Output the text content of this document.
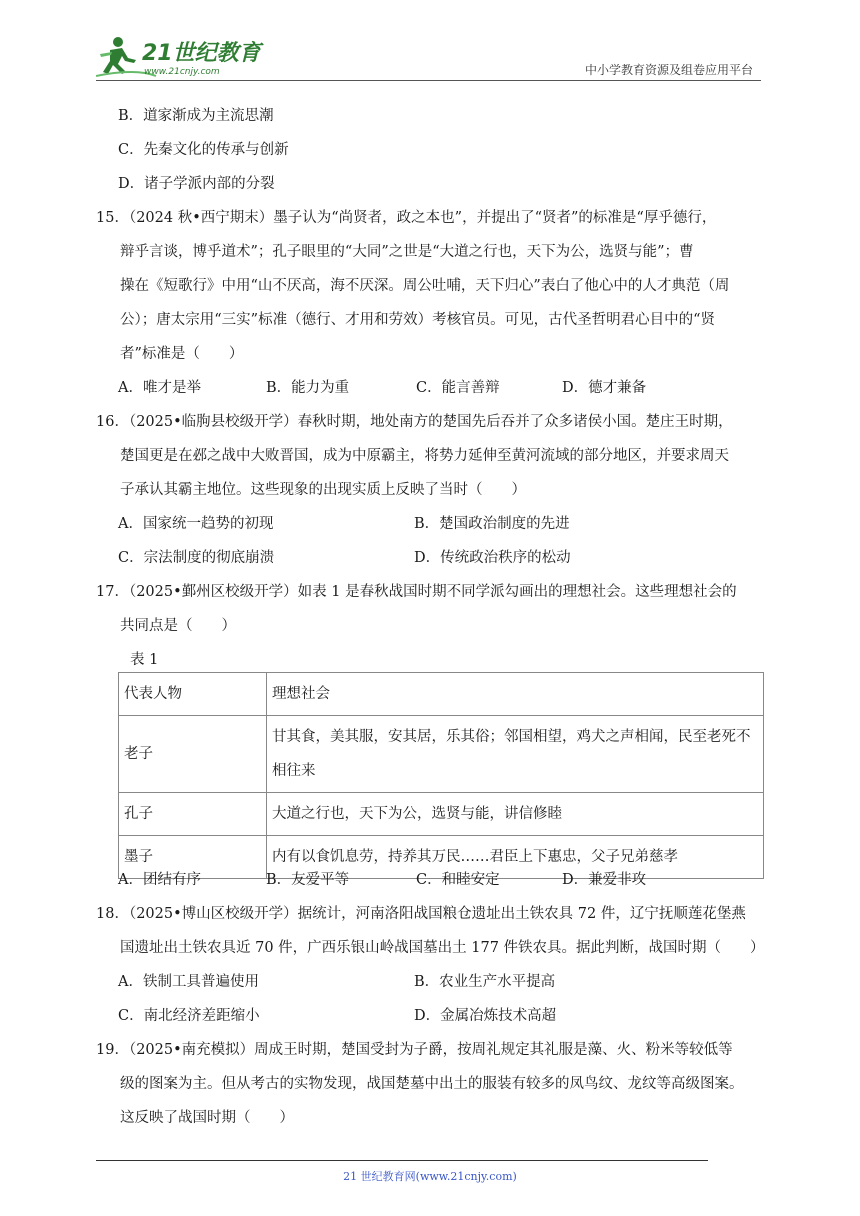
21世纪教育
www.21cnjy.com	中小学教育资源及组卷应用平台
B．道家渐成为主流思潮
C．先秦文化的传承与创新
D．诸子学派内部的分裂
15．（2024 秋•西宁期末）墨子认为“尚贤者，政之本也”，并提出了“贤者”的标准是“厚乎德行，
辩乎言谈，博乎道术”；孔子眼里的“大同”之世是“大道之行也，天下为公，选贤与能”；曹
操在《短歌行》中用“山不厌高，海不厌深。周公吐哺，天下归心”表白了他心中的人才典范（周
公）；唐太宗用“三实”标准（德行、才用和劳效）考核官员。可见，古代圣哲明君心目中的“贤
者”标准是（　　）
A．唯才是举	B．能力为重	C．能言善辩	D．德才兼备
16．（2025•临朐县校级开学）春秋时期，地处南方的楚国先后吞并了众多诸侯小国。楚庄王时期，
楚国更是在邲之战中大败晋国，成为中原霸主，将势力延伸至黄河流域的部分地区，并要求周天
子承认其霸主地位。这些现象的出现实质上反映了当时（　　）
A．国家统一趋势的初现	B．楚国政治制度的先进
C．宗法制度的彻底崩溃	D．传统政治秩序的松动
17．（2025•鄞州区校级开学）如表 1 是春秋战国时期不同学派勾画出的理想社会。这些理想社会的
共同点是（　　）
表 1
代表人物	理想社会
老子	甘其食，美其服，安其居，乐其俗；邻国相望，鸡犬之声相闻，民至老死不
相往来
孔子	大道之行也，天下为公，选贤与能，讲信修睦
墨子	内有以食饥息劳，持养其万民……君臣上下惠忠，父子兄弟慈孝
A．团结有序	B．友爱平等	C．和睦安定	D．兼爱非攻
18．（2025•博山区校级开学）据统计，河南洛阳战国粮仓遗址出土铁农具 72 件，辽宁抚顺莲花堡燕
国遗址出土铁农具近 70 件，广西乐银山岭战国墓出土 177 件铁农具。据此判断，战国时期（　　）
A．铁制工具普遍使用	B．农业生产水平提高
C．南北经济差距缩小	D．金属冶炼技术高超
19．（2025•南充模拟）周成王时期，楚国受封为子爵，按周礼规定其礼服是藻、火、粉米等较低等
级的图案为主。但从考古的实物发现，战国楚墓中出土的服装有较多的凤鸟纹、龙纹等高级图案。
这反映了战国时期（　　）
21 世纪教育网(www.21cnjy.com)
